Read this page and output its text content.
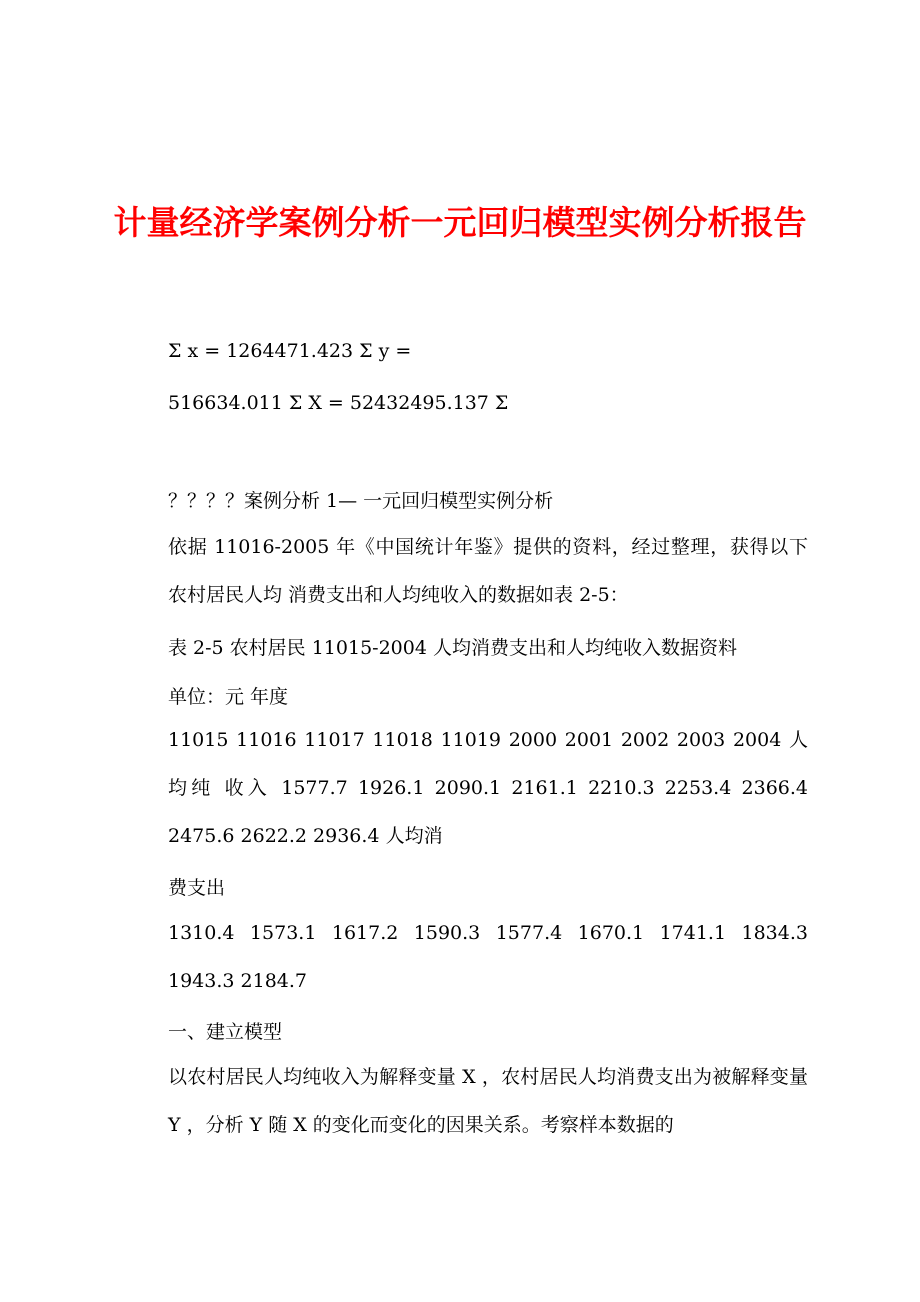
计量经济学案例分析一元回归模型实例分析报告

Σ x = 1264471.423 Σ y =

516634.011 Σ X = 52432495.137 Σ

？？？？案例分析 1— 一元回归模型实例分析

依据 11016-2005 年《中国统计年鉴》提供的资料，经过整理，获得以下农村居民人均 消费支出和人均纯收入的数据如表 2-5：

表 2-5 农村居民 11015-2004 人均消费支出和人均纯收入数据资料

单位：元 年度

11015 11016 11017 11018 11019 2000 2001 2002 2003 2004 人均纯 收入 1577.7 1926.1 2090.1 2161.1 2210.3 2253.4 2366.4 2475.6 2622.2 2936.4 人均消

费支出

1310.4 1573.1 1617.2 1590.3 1577.4 1670.1 1741.1 1834.3 1943.3 2184.7

一、建立模型

以农村居民人均纯收入为解释变量 X ，农村居民人均消费支出为被解释变量 Y ，分析 Y 随 X 的变化而变化的因果关系。考察样本数据的
